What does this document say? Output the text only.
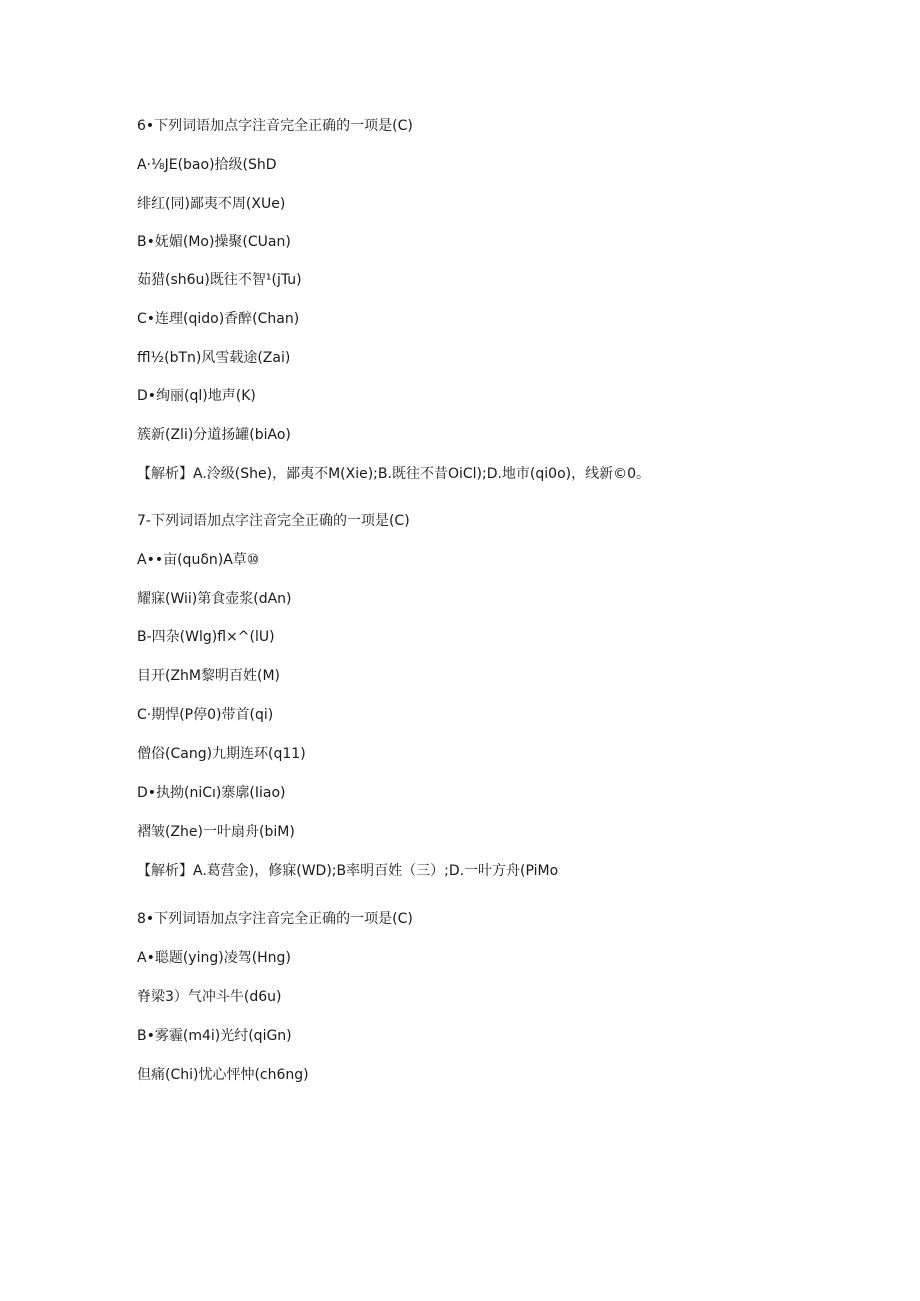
6•下列词语加点字注音完全正确的一项是(C)
A·⅛JE(bao)拾级(ShD
绯红(同)鄙夷不周(XUe)
B•妩媚(Mo)操聚(CUan)
茹猎(sh6u)既往不智¹(jTu)
C•连理(qido)香醉(Chan)
ffl½(bTn)风雪载途(Zai)
D•绚丽(ql)地声(K)
簇新(Zli)分道扬罐(biAo)
【解析】A.泠级(She)，鄙夷不M(Xie);B.既往不昔OiCl);D.地市(qi0o)，线新©0。
7-下列词语加点字注音完全正确的一项是(C)
A••亩(quδn)A草⑩
耀寐(Wii)第食壶浆(dAn)
B-四杂(Wlg)fl×^(lU)
目开(ZhM黎明百姓(M)
C·期悍(P停0)带首(qi)
僧俗(Cang)九期连环(q11)
D•执拗(niCı)寨廓(Iiao)
褶皱(Zhe)一叶扇舟(biM)
【解析】A.葛营金)，修寐(WD);B率明百姓（三）;D.一叶方舟(PiMo
8•下列词语加点字注音完全正确的一项是(C)
A•聪题(ying)凌驾(Hng)
脊梁3）气冲斗牛(d6u)
B•雾霾(m4i)光纣(qiGn)
但痛(Chi)忧心怦忡(ch6ng)
